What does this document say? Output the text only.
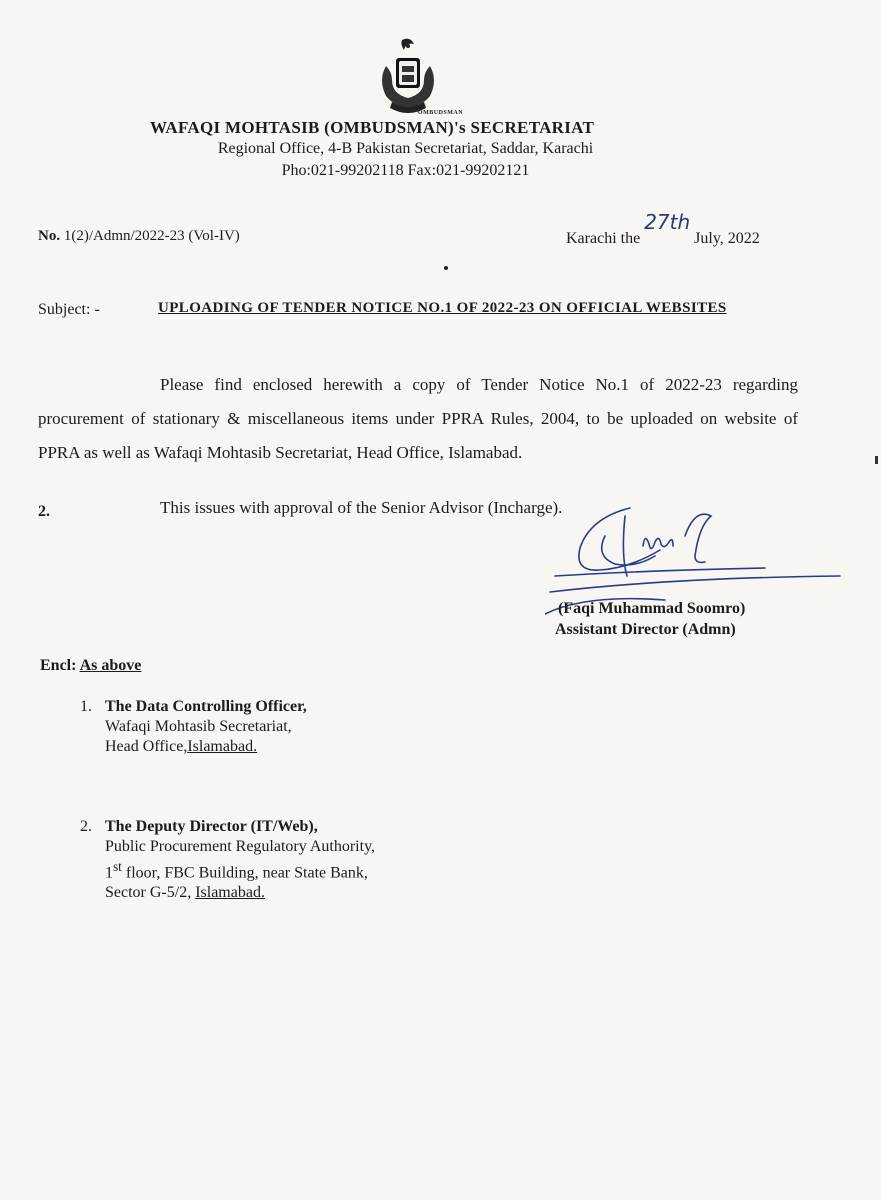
OMBUDSMAN
WAFAQI MOHTASIB (OMBUDSMAN)'s SECRETARIAT
Regional Office, 4-B Pakistan Secretariat, Saddar, Karachi
Pho:021-99202118 Fax:021-99202121
No. 1(2)/Admn/2022-23 (Vol-IV)	Karachi the 27th July, 2022
Subject: -	UPLOADING OF TENDER NOTICE NO.1 OF 2022-23 ON OFFICIAL WEBSITES
Please find enclosed herewith a copy of Tender Notice No.1 of 2022-23 regarding procurement of stationary & miscellaneous items under PPRA Rules, 2004, to be uploaded on website of PPRA as well as Wafaqi Mohtasib Secretariat, Head Office, Islamabad.
2.	This issues with approval of the Senior Advisor (Incharge).
(Faqi Muhammad Soomro)
Assistant Director (Admn)
Encl: As above
1. The Data Controlling Officer,
Wafaqi Mohtasib Secretariat,
Head Office,Islamabad.
2. The Deputy Director (IT/Web),
Public Procurement Regulatory Authority,
1st floor, FBC Building, near State Bank,
Sector G-5/2, Islamabad.
